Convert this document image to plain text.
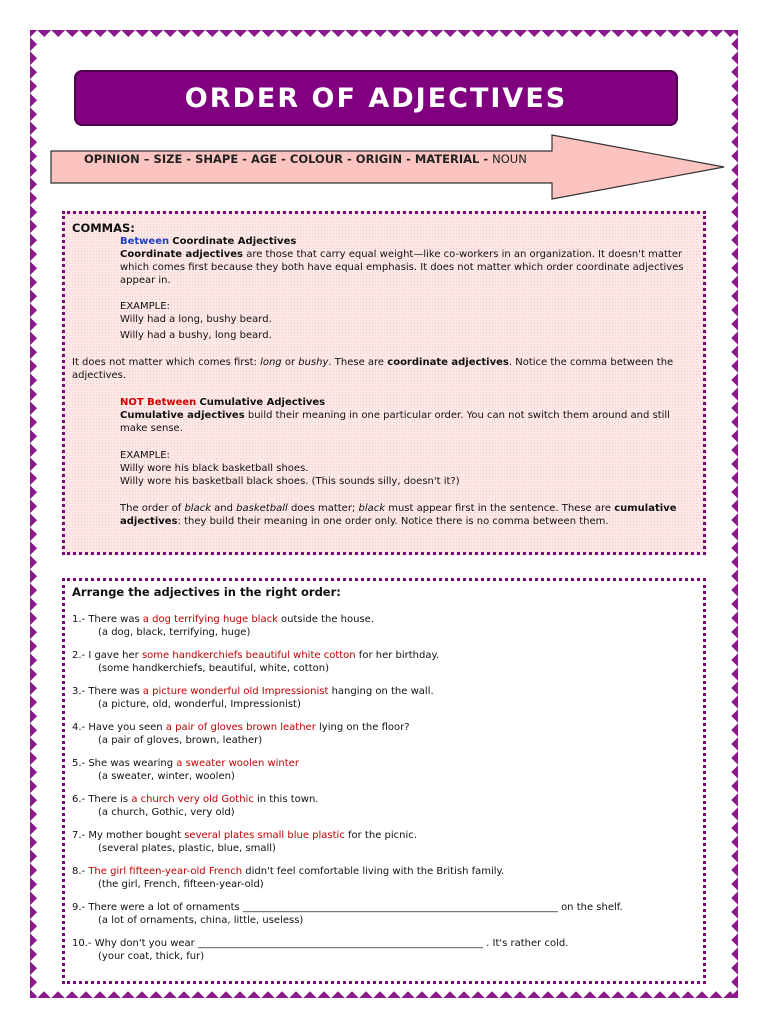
ORDER OF ADJECTIVES
OPINION – SIZE - SHAPE - AGE - COLOUR - ORIGIN - MATERIAL - NOUN

COMMAS:

Between Coordinate Adjectives

Coordinate adjectives are those that carry equal weight—like co-workers in an organization. It doesn't matter which comes first because they both have equal emphasis. It does not matter which order coordinate adjectives appear in.

EXAMPLE:

Willy had a long, bushy beard.

Willy had a bushy, long beard.

It does not matter which comes first: long or bushy. These are coordinate adjectives. Notice the comma between the adjectives.

NOT Between Cumulative Adjectives

Cumulative adjectives build their meaning in one particular order. You can not switch them around and still make sense.

EXAMPLE:

Willy wore his black basketball shoes.

Willy wore his basketball black shoes. (This sounds silly, doesn't it?)

The order of black and basketball does matter; black must appear first in the sentence. These are cumulative adjectives: they build their meaning in one order only. Notice there is no comma between them.

Arrange the adjectives in the right order:

1.- There was a dog terrifying huge black outside the house.

(a dog, black, terrifying, huge)

2.- I gave her some handkerchiefs beautiful white cotton for her birthday.

(some handkerchiefs, beautiful, white, cotton)

3.- There was a picture wonderful old Impressionist hanging on the wall.

(a picture, old, wonderful, Impressionist)

4.- Have you seen a pair of gloves brown leather lying on the floor?

(a pair of gloves, brown, leather)

5.- She was wearing a sweater woolen winter

(a sweater, winter, woolen)

6.- There is a church very old Gothic in this town.

(a church, Gothic, very old)

7.- My mother bought several plates small blue plastic for the picnic.

(several plates, plastic, blue, small)

8.- The girl fifteen-year-old French didn't feel comfortable living with the British family.

(the girl, French, fifteen-year-old)

9.- There were a lot of ornaments _______________________________________________________________ on the shelf.

(a lot of ornaments, china, little, useless)

10.- Why don't you wear _________________________________________________________ . It's rather cold.

(your coat, thick, fur)
